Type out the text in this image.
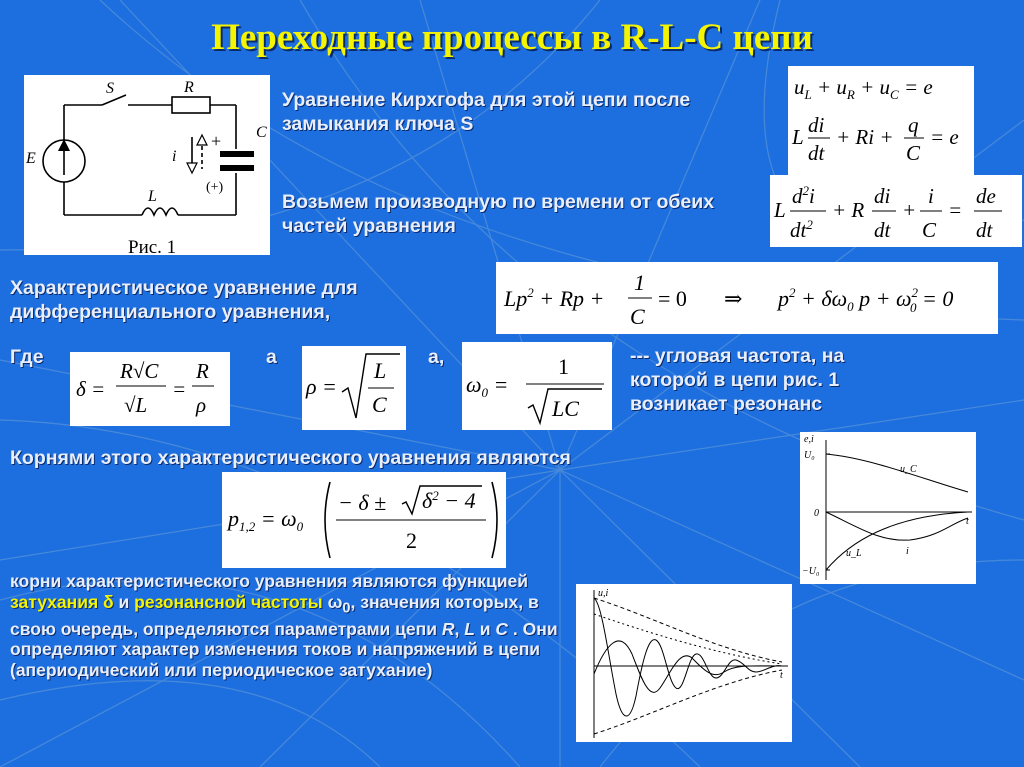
Переходные процессы в R-L-C цепи
S	R
C
E
L
i
+
(+)
Рис. 1
Уравнение Кирхгофа для этой цепи после замыкания ключа S
$u_L + u_R + u_C = e$
L di
dt
+ Ri + q
C
= e
Возьмем производную по времени от обеих частей уравнения
L
$d^2i$
$dt^2$
+ R
di
dt
+
i
C
=
de
dt
Характеристическое уравнение для дифференциального уравнения,
$Lp^2 + Rp$ +
1
C
= 0 ⇒ $p^2 + \delta\omega_0$ $p + \omega^2$ 0 = 0
Где	а	а,
δ =
R√C
√L
=
R
ρ
ρ =
L
C
$\omega_0$ =
1
LC
--- угловая частота, на которой в цепи рис. 1 возникает резонанс
Корнями этого характеристического уравнения являются
$p_{1,2} = \omega_0$
− $\delta \pm \delta^2 - 4$
2
e,i
U₀
−U₀
0
t
u_C
u_L	i
корни характеристического уравнения являются функцией затухания δ и резонансной частоты $\omega_0$, значения которых, в свою очередь, определяются параметрами цепи R, L и C . Они определяют характер изменения токов и напряжений в цепи (апериодический или периодическое затухание)
u,i
t
